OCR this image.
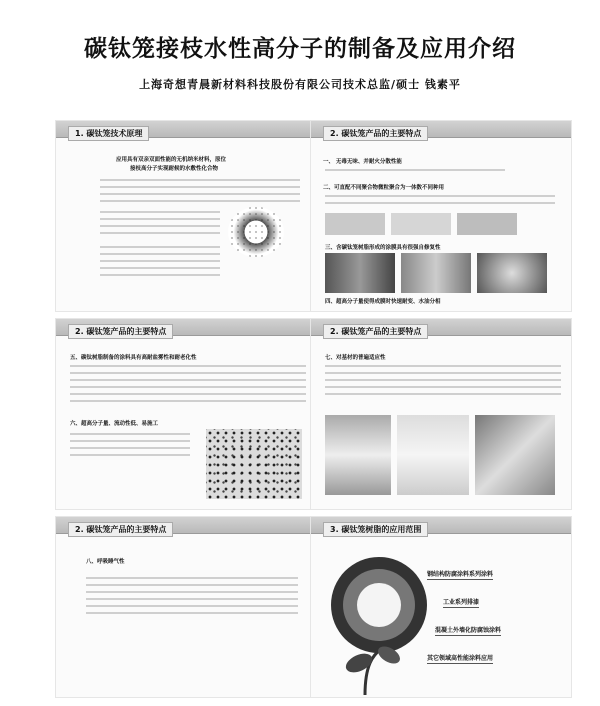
碳钛笼接枝水性高分子的制备及应用介绍
上海奇想青晨新材料科技股份有限公司技术总监/硕士 钱素平
1. 碳钛笼技术原理
应用具有双亲双面性能的无机纳米材料，原位
接枝高分子实现耐候的水敷性化合物
2. 碳钛笼产品的主要特点
一、 无毒无味、并耐火分散性能
二、可直配不同聚合物微粒聚合为一体数不同种用
三、含碳钛笼树脂形成的涂膜具有很强自修复性
四、超高分子量使得成膜时快速耐变、水油分相
2. 碳钛笼产品的主要特点
五、碳钛树脂制备的涂料具有高耐盐雾性和耐老化性
六、超高分子量、流动性低、易施工
2. 碳钛笼产品的主要特点
七、对基材的普遍适应性
2. 碳钛笼产品的主要特点
八、呼吸睡气性
3. 碳钛笼树脂的应用范围
钢结构防腐涂料系列涂料
工业系列排漆
混凝土外墙化防腐蚀涂料
其它领域高性能涂料应用
